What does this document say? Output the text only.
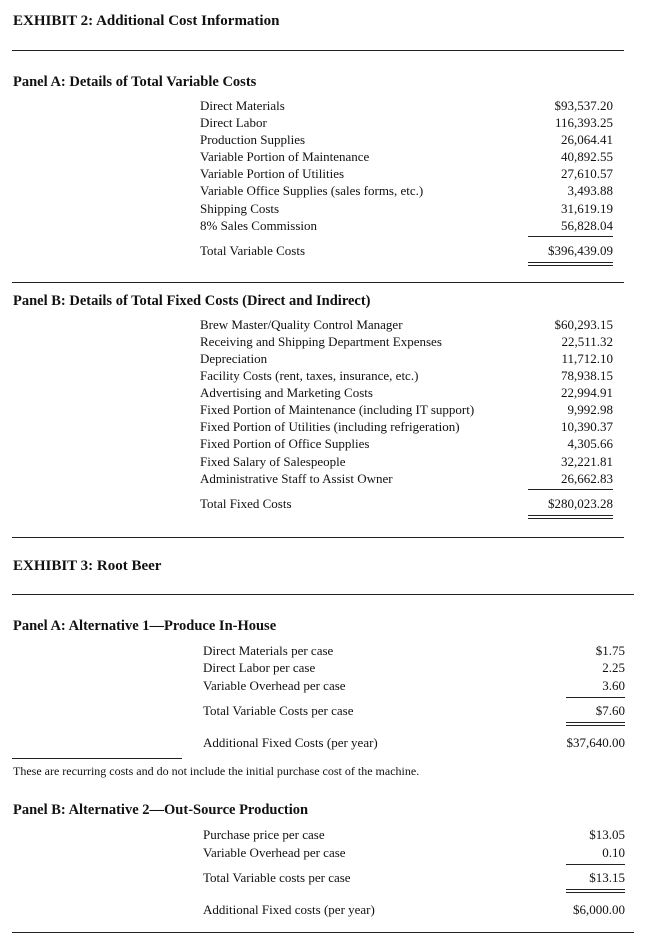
EXHIBIT 2: Additional Cost Information
Panel A: Details of Total Variable Costs
Direct Materials	$93,537.20
Direct Labor	116,393.25
Production Supplies	26,064.41
Variable Portion of Maintenance	40,892.55
Variable Portion of Utilities	27,610.57
Variable Office Supplies (sales forms, etc.)	3,493.88
Shipping Costs	31,619.19
8% Sales Commission	56,828.04
Total Variable Costs	$396,439.09
Panel B: Details of Total Fixed Costs (Direct and Indirect)
Brew Master/Quality Control Manager	$60,293.15
Receiving and Shipping Department Expenses	22,511.32
Depreciation	11,712.10
Facility Costs (rent, taxes, insurance, etc.)	78,938.15
Advertising and Marketing Costs	22,994.91
Fixed Portion of Maintenance (including IT support)	9,992.98
Fixed Portion of Utilities (including refrigeration)	10,390.37
Fixed Portion of Office Supplies	4,305.66
Fixed Salary of Salespeople	32,221.81
Administrative Staff to Assist Owner	26,662.83
Total Fixed Costs	$280,023.28
EXHIBIT 3: Root Beer
Panel A: Alternative 1—Produce In-House
Direct Materials per case	$1.75
Direct Labor per case	2.25
Variable Overhead per case	3.60
Total Variable Costs per case	$7.60
Additional Fixed Costs (per year)	$37,640.00
These are recurring costs and do not include the initial purchase cost of the machine.
Panel B: Alternative 2—Out-Source Production
Purchase price per case	$13.05
Variable Overhead per case	0.10
Total Variable costs per case	$13.15
Additional Fixed costs (per year)	$6,000.00
